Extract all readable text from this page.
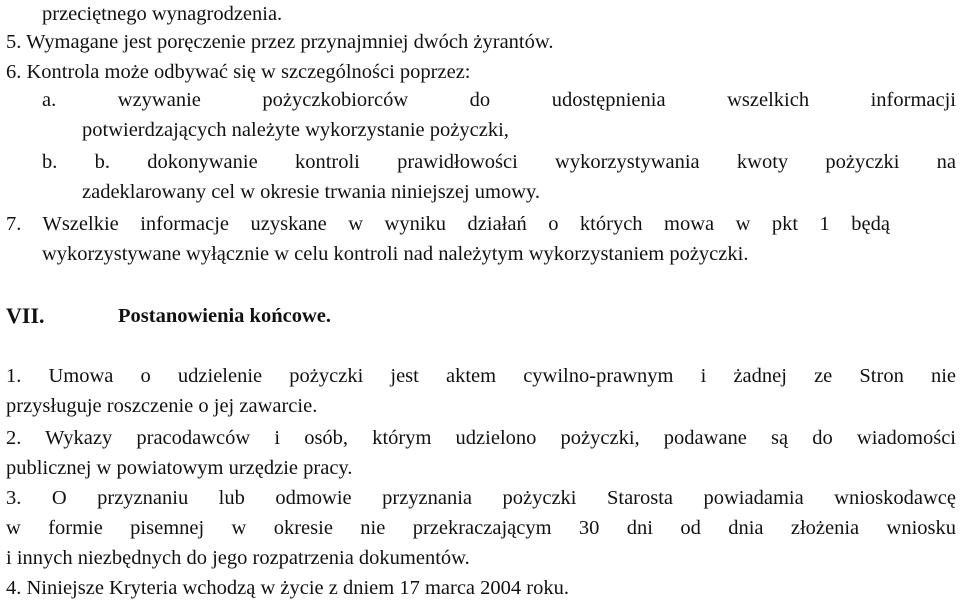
przeciętnego wynagrodzenia.
5. Wymagane jest poręczenie przez przynajmniej dwóch żyrantów.
6. Kontrola może odbywać się w szczególności poprzez:
a. wzywanie pożyczkobiorców do udostępnienia wszelkich informacji
potwierdzających należyte wykorzystanie pożyczki,
b. b. dokonywanie kontroli prawidłowości wykorzystywania kwoty pożyczki na
zadeklarowany cel w okresie trwania niniejszej umowy.
7. Wszelkie informacje uzyskane w wyniku działań o których mowa w pkt 1 będą
wykorzystywane wyłącznie w celu kontroli nad należytym wykorzystaniem pożyczki.
VII.	Postanowienia końcowe.
1. Umowa o udzielenie pożyczki jest aktem cywilno-prawnym i żadnej ze Stron nie
przysługuje roszczenie o jej zawarcie.
2. Wykazy pracodawców i osób, którym udzielono pożyczki, podawane są do wiadomości
publicznej w powiatowym urzędzie pracy.
3. O przyznaniu lub odmowie przyznania pożyczki Starosta powiadamia wnioskodawcę
w formie pisemnej w okresie nie przekraczającym 30 dni od dnia złożenia wniosku
i innych niezbędnych do jego rozpatrzenia dokumentów.
4. Niniejsze Kryteria wchodzą w życie z dniem 17 marca 2004 roku.
